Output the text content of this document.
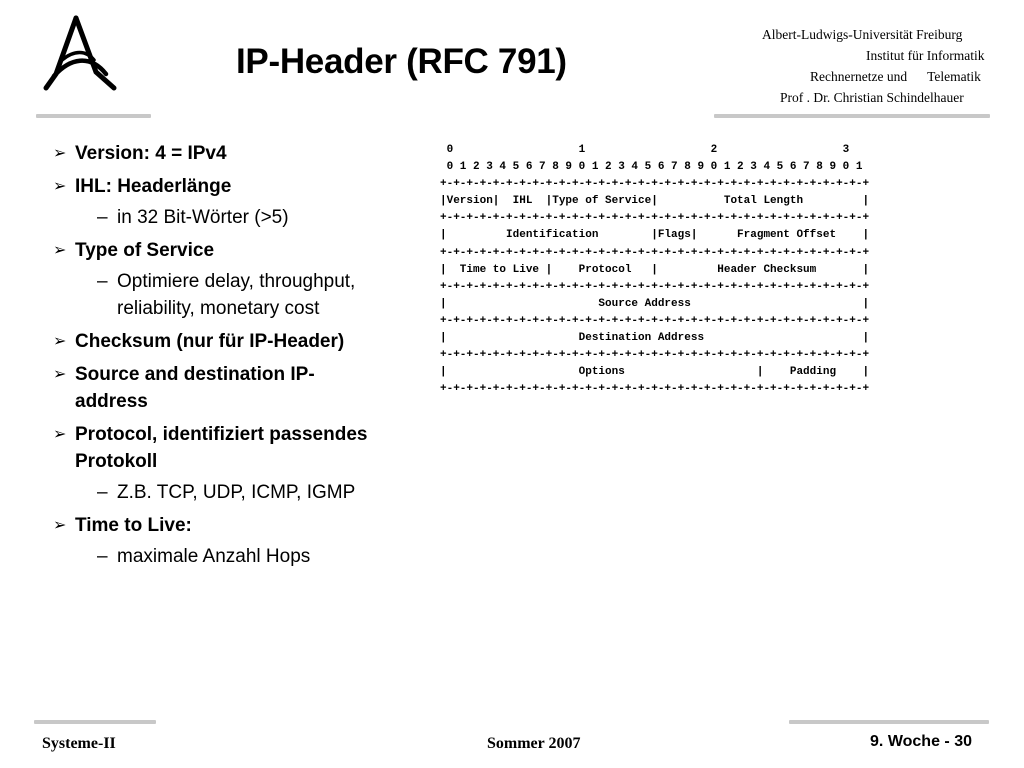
IP-Header (RFC 791)
Albert-Ludwigs-Universität Freiburg
Institut für Informatik
Rechnernetze und      Telematik
Prof . Dr. Christian Schindelhauer
➢ Version: 4 = IPv4
➢ IHL: Headerlänge
– in 32 Bit-Wörter (>5)
➢ Type of Service
– Optimiere delay, throughput, reliability, monetary cost
➢ Checksum (nur für IP-Header)
➢ Source and destination IP-address
➢ Protocol, identifiziert passendes Protokoll
– Z.B. TCP, UDP, ICMP, IGMP
➢ Time to Live:
– maximale Anzahl Hops
0                   1                   2                   3
0 1 2 3 4 5 6 7 8 9 0 1 2 3 4 5 6 7 8 9 0 1 2 3 4 5 6 7 8 9 0 1
+-+-+-+-+-+-+-+-+-+-+-+-+-+-+-+-+-+-+-+-+-+-+-+-+-+-+-+-+-+-+-+-+
|Version|  IHL  |Type of Service|          Total Length         |
+-+-+-+-+-+-+-+-+-+-+-+-+-+-+-+-+-+-+-+-+-+-+-+-+-+-+-+-+-+-+-+-+
|         Identification        |Flags|      Fragment Offset    |
+-+-+-+-+-+-+-+-+-+-+-+-+-+-+-+-+-+-+-+-+-+-+-+-+-+-+-+-+-+-+-+-+
|  Time to Live |    Protocol   |         Header Checksum       |
+-+-+-+-+-+-+-+-+-+-+-+-+-+-+-+-+-+-+-+-+-+-+-+-+-+-+-+-+-+-+-+-+
|                       Source Address                          |
+-+-+-+-+-+-+-+-+-+-+-+-+-+-+-+-+-+-+-+-+-+-+-+-+-+-+-+-+-+-+-+-+
|                    Destination Address                        |
+-+-+-+-+-+-+-+-+-+-+-+-+-+-+-+-+-+-+-+-+-+-+-+-+-+-+-+-+-+-+-+-+
|                    Options                    |    Padding    |
+-+-+-+-+-+-+-+-+-+-+-+-+-+-+-+-+-+-+-+-+-+-+-+-+-+-+-+-+-+-+-+-+
Systeme-II	Sommer 2007	9. Woche - 30
